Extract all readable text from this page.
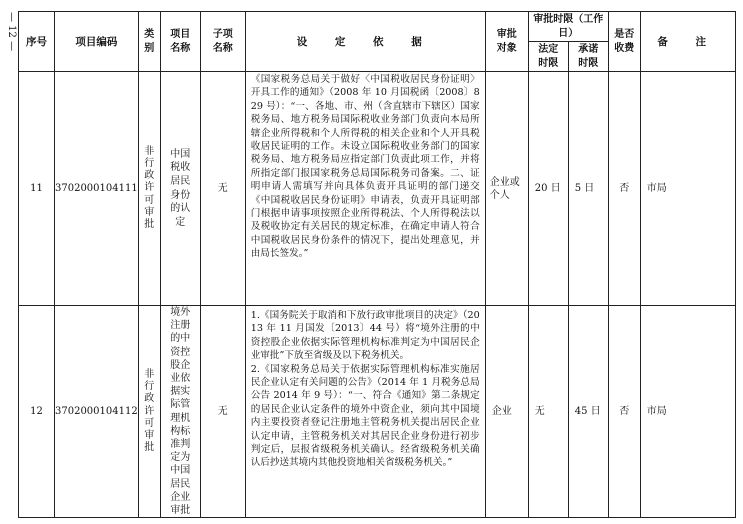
— 12 — 序号	项目编码	类别	项目名称	子项名称	设 定 依 据	审批对象	审批时限（工作日）		是否收费	备 注

							法定时限	承诺时限		

11	3702000104111	非行政许可审批	中国税收居民身份的认定	无	《国家税务总局关于做好〈中国税收居民身份证明〉开具工作的通知》（2008 年 10 月国税函〔2008〕829 号）：“一、各地、市、州（含直辖市下辖区）国家税务局、地方税务局国际税收业务部门负责向本局所辖企业所得税和个人所得税的相关企业和个人开具税收居民证明的工作。未设立国际税收业务部门的国家税务局、地方税务局应指定部门负责此项工作，并将所指定部门报国家税务总局国际税务司备案。二、证明申请人需填写并向具体负责开具证明的部门递交《中国税收居民身份证明》申请表，负责开具证明部门根据申请事项按照企业所得税法、个人所得税法以及税收协定有关居民的规定标准，在确定申请人符合中国税收居民身份条件的情况下，提出处理意见，并由局长签发。”	企业或个人	20 日	5 日	否	市局
12	3702000104112	非行政许可审批	境外注册的中资控股企业依据实际管理机构标准判定为中国居民企业审批	无	1.《国务院关于取消和下放行政审批项目的决定》（2013 年 11 月国发〔2013〕44 号）将“境外注册的中资控股企业依据实际管理机构标准判定为中国居民企业审批”下放至省级及以下税务机关。

2.《国家税务总局关于依据实际管理机构标准实施居民企业认定有关问题的公告》（2014 年 1 月税务总局公告 2014 年 9 号）：“一、符合《通知》第二条规定的居民企业认定条件的境外中资企业，须向其中国境内主要投资者登记注册地主管税务机关提出居民企业认定申请，主管税务机关对其居民企业身份进行初步判定后，层报省级税务机关确认。经省级税务机关确认后抄送其境内其他投资地相关省级税务机关。”	企业	无	45 日	否	市局
